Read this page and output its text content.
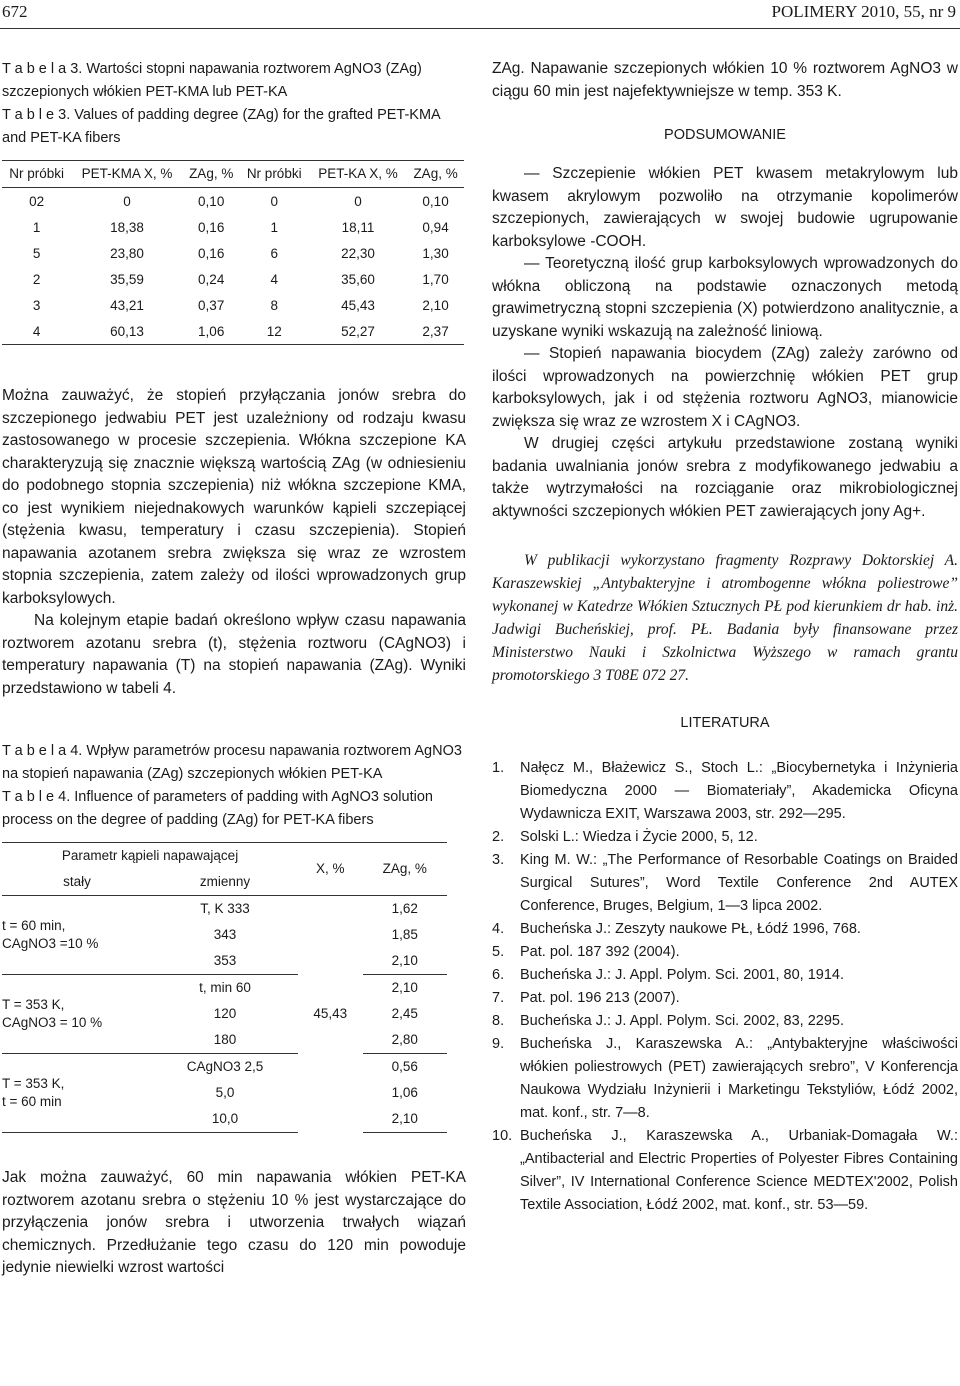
672	POLIMERY 2010, 55, nr 9

T a b e l a 3. Wartości stopni napawania roztworem AgNO3 (ZAg) szczepionych włókien PET-KMA lub PET-KA

T a b l e 3. Values of padding degree (ZAg) for the grafted PET-KMA and PET-KA fibers

Nr próbki	PET-KMA X, %	ZAg, %	Nr próbki	PET-KA X, %	ZAg, %
02	0	0,10	0	0	0,10
1	18,38	0,16	1	18,11	0,94
5	23,80	0,16	6	22,30	1,30
2	35,59	0,24	4	35,60	1,70
3	43,21	0,37	8	45,43	2,10
4	60,13	1,06	12	52,27	2,37

Można zauważyć, że stopień przyłączania jonów srebra do szczepionego jedwabiu PET jest uzależniony od rodzaju kwasu zastosowanego w procesie szczepienia. Włókna szczepione KA charakteryzują się znacznie większą wartością ZAg (w odniesieniu do podobnego stopnia szczepienia) niż włókna szczepione KMA, co jest wynikiem niejednakowych warunków kąpieli szczepiącej (stężenia kwasu, temperatury i czasu szczepienia). Stopień napawania azotanem srebra zwiększa się wraz ze wzrostem stopnia szczepienia, zatem zależy od ilości wprowadzonych grup karboksylowych.

Na kolejnym etapie badań określono wpływ czasu napawania roztworem azotanu srebra (t), stężenia roztworu (CAgNO3) i temperatury napawania (T) na stopień napawania (ZAg). Wyniki przedstawiono w tabeli 4.

T a b e l a 4. Wpływ parametrów procesu napawania roztworem AgNO3 na stopień napawania (ZAg) szczepionych włókien PET-KA

T a b l e 4. Influence of parameters of padding with AgNO3 solution process on the degree of padding (ZAg) for PET-KA fibers

Parametr kąpieli napawającej		X, %	ZAg, %
stały	zmienny		

t = 60 min,
CAgNO3 =10 %	T, K 333	45,43	1,62
	343		1,85
	353		2,10

T = 353 K,
CAgNO3 = 10 %	t, min 60		2,10
	120		2,45
	180		2,80

T = 353 K,
t = 60 min	CAgNO3 2,5		0,56
	5,0		1,06
	10,0		2,10

Jak można zauważyć, 60 min napawania włókien PET-KA roztworem azotanu srebra o stężeniu 10 % jest wystarczające do przyłączenia jonów srebra i utworzenia trwałych wiązań chemicznych. Przedłużanie tego czasu do 120 min powoduje jedynie niewielki wzrost wartości

ZAg. Napawanie szczepionych włókien 10 % roztworem AgNO3 w ciągu 60 min jest najefektywniejsze w temp. 353 K.

PODSUMOWANIE

— Szczepienie włókien PET kwasem metakrylowym lub kwasem akrylowym pozwoliło na otrzymanie kopolimerów szczepionych, zawierających w swojej budowie ugrupowanie karboksylowe -COOH.

— Teoretyczną ilość grup karboksylowych wprowadzonych do włókna obliczoną na podstawie oznaczonych metodą grawimetryczną stopni szczepienia (X) potwierdzono analitycznie, a uzyskane wyniki wskazują na zależność liniową.

— Stopień napawania biocydem (ZAg) zależy zarówno od ilości wprowadzonych na powierzchnię włókien PET grup karboksylowych, jak i od stężenia roztworu AgNO3, mianowicie zwiększa się wraz ze wzrostem X i CAgNO3.

W drugiej części artykułu przedstawione zostaną wyniki badania uwalniania jonów srebra z modyfikowanego jedwabiu a także wytrzymałości na rozciąganie oraz mikrobiologicznej aktywności szczepionych włókien PET zawierających jony Ag+.

W publikacji wykorzystano fragmenty Rozprawy Doktorskiej A. Karaszewskiej „Antybakteryjne i atrombogenne włókna poliestrowe” wykonanej w Katedrze Włókien Sztucznych PŁ pod kierunkiem dr hab. inż. Jadwigi Bucheńskiej, prof. PŁ. Badania były finansowane przez Ministerstwo Nauki i Szkolnictwa Wyższego w ramach grantu promotorskiego 3 T08E 072 27.

LITERATURA

1. Nałęcz M., Błażewicz S., Stoch L.: „Biocybernetyka i Inżynieria Biomedyczna 2000 — Biomateriały”, Akademicka Oficyna Wydawnicza EXIT, Warszawa 2003, str. 292—295.
2. Solski L.: Wiedza i Życie 2000, 5, 12.
3. King M. W.: „The Performance of Resorbable Coatings on Braided Surgical Sutures”, Word Textile Conference 2nd AUTEX Conference, Bruges, Belgium, 1—3 lipca 2002.
4. Bucheńska J.: Zeszyty naukowe PŁ, Łódź 1996, 768.
5. Pat. pol. 187 392 (2004).
6. Bucheńska J.: J. Appl. Polym. Sci. 2001, 80, 1914.
7. Pat. pol. 196 213 (2007).
8. Bucheńska J.: J. Appl. Polym. Sci. 2002, 83, 2295.
9. Bucheńska J., Karaszewska A.: „Antybakteryjne właściwości włókien poliestrowych (PET) zawierających srebro”, V Konferencja Naukowa Wydziału Inżynierii i Marketingu Tekstyliów, Łódź 2002, mat. konf., str. 7—8.
10. Bucheńska J., Karaszewska A., Urbaniak-Domagała W.: „Antibacterial and Electric Properties of Polyester Fibres Containing Silver”, IV International Conference Science MEDTEX'2002, Polish Textile Association, Łódź 2002, mat. konf., str. 53—59.
